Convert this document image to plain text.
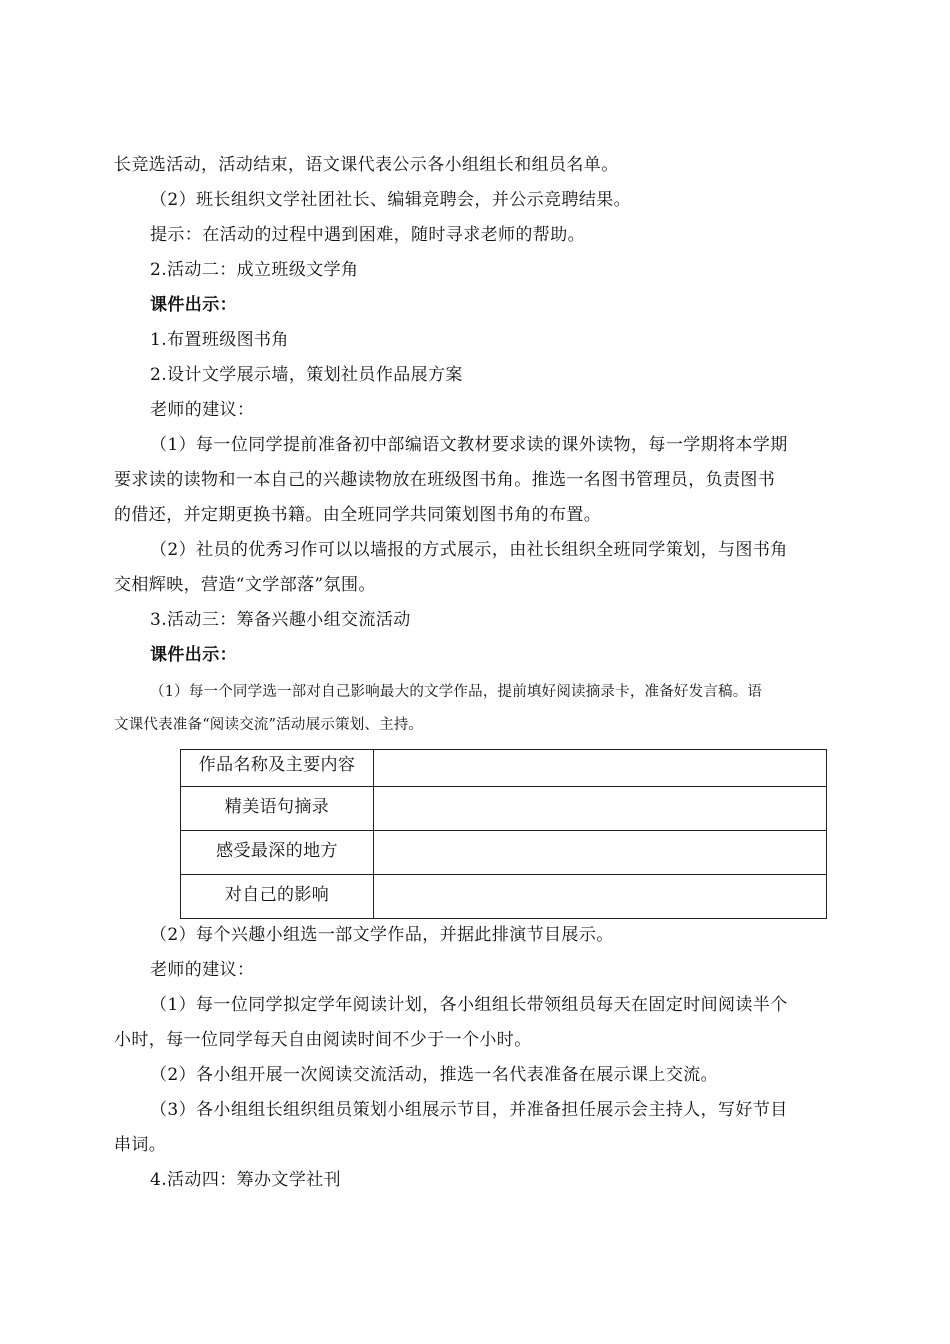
长竞选活动，活动结束，语文课代表公示各小组组长和组员名单。

（2）班长组织文学社团社长、编辑竞聘会，并公示竞聘结果。

提示：在活动的过程中遇到困难，随时寻求老师的帮助。

2.活动二：成立班级文学角

课件出示：

1.布置班级图书角

2.设计文学展示墙，策划社员作品展方案

老师的建议：

（1）每一位同学提前准备初中部编语文教材要求读的课外读物，每一学期将本学期

要求读的读物和一本自己的兴趣读物放在班级图书角。推选一名图书管理员，负责图书

的借还，并定期更换书籍。由全班同学共同策划图书角的布置。

（2）社员的优秀习作可以以墙报的方式展示，由社长组织全班同学策划，与图书角

交相辉映，营造“文学部落”氛围。

3.活动三：筹备兴趣小组交流活动

课件出示：

（1）每一个同学选一部对自己影响最大的文学作品，提前填好阅读摘录卡，准备好发言稿。语

文课代表准备“阅读交流”活动展示策划、主持。

作品名称及主要内容	
精美语句摘录	
感受最深的地方	
对自己的影响	

（2）每个兴趣小组选一部文学作品，并据此排演节目展示。

老师的建议：

（1）每一位同学拟定学年阅读计划，各小组组长带领组员每天在固定时间阅读半个

小时，每一位同学每天自由阅读时间不少于一个小时。

（2）各小组开展一次阅读交流活动，推选一名代表准备在展示课上交流。

（3）各小组组长组织组员策划小组展示节目，并准备担任展示会主持人，写好节目

串词。

4.活动四：筹办文学社刊
